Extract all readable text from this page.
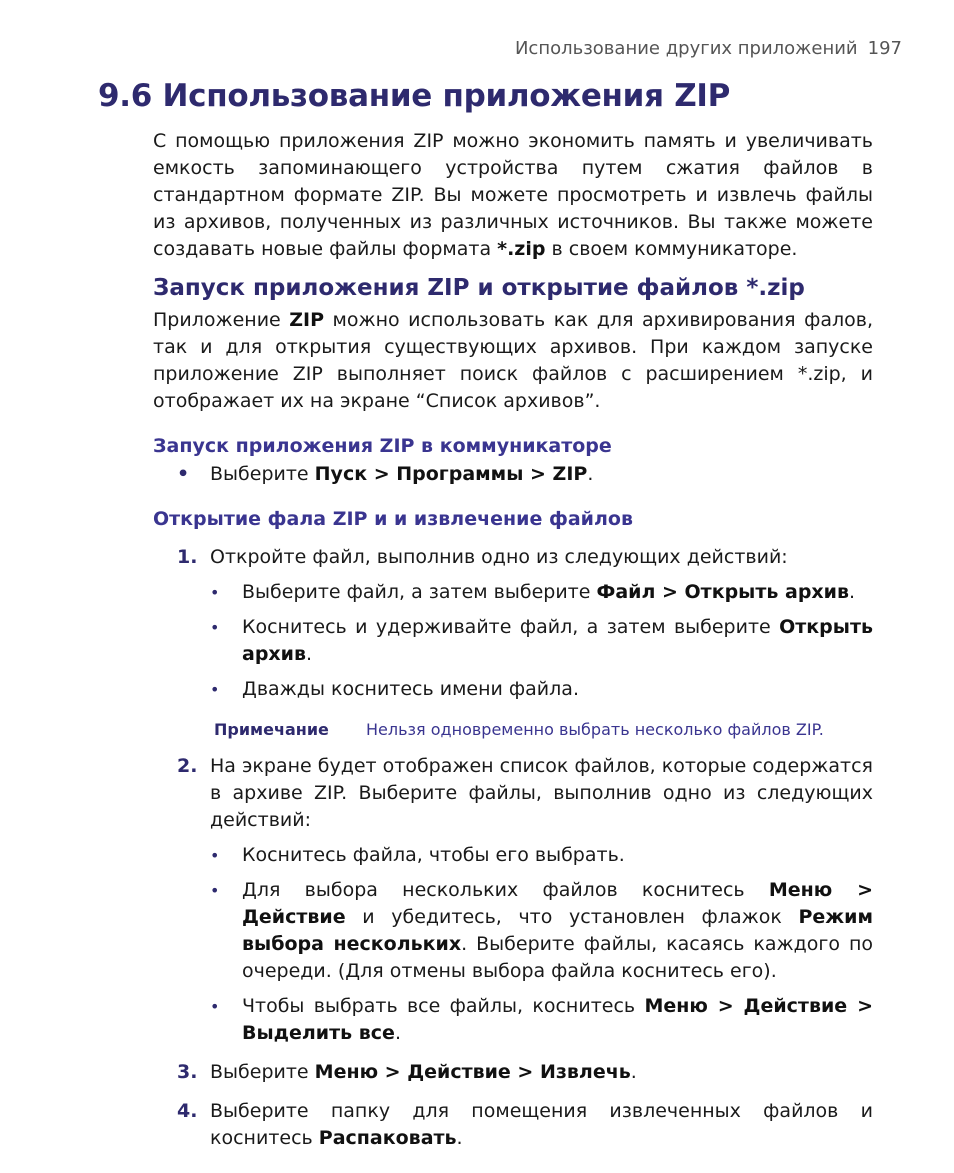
Использование других приложений 197
9.6 Использование приложения ZIP

С помощью приложения ZIP можно экономить память и увеличивать емкость запоминающего устройства путем сжатия файлов в стандартном формате ZIP. Вы можете просмотреть и извлечь файлы из архивов, полученных из различных источников. Вы также можете создавать новые файлы формата *.zip в своем коммуникаторе.

Запуск приложения ZIP и открытие файлов *.zip

Приложение ZIP можно использовать как для архивирования фалов, так и для открытия существующих архивов. При каждом запуске приложение ZIP выполняет поиск файлов с расширением *.zip, и отображает их на экране “Список архивов”.

Запуск приложения ZIP в коммуникаторе
•	Выберите Пуск > Программы > ZIP.
Открытие фала ZIP и и извлечение файлов
1. Откройте файл, выполнив одно из следующих действий:
•	Выберите файл, а затем выберите Файл > Открыть архив.
•	Коснитесь и удерживайте файл, а затем выберите Открыть архив.
•	Дважды коснитесь имени файла.
Примечание	Нельзя одновременно выбрать несколько файлов ZIP.
2. На экране будет отображен список файлов, которые содержатся в архиве ZIP. Выберите файлы, выполнив одно из следующих действий:
•	Коснитесь файла, чтобы его выбрать.
•	Для выбора нескольких файлов коснитесь Меню > Действие и убедитесь, что установлен флажок Режим выбора нескольких. Выберите файлы, касаясь каждого по очереди. (Для отмены выбора файла коснитесь его).
•	Чтобы выбрать все файлы, коснитесь Меню > Действие > Выделить все.
3. Выберите Меню > Действие > Извлечь.
4. Выберите папку для помещения извлеченных файлов и коснитесь Распаковать.
